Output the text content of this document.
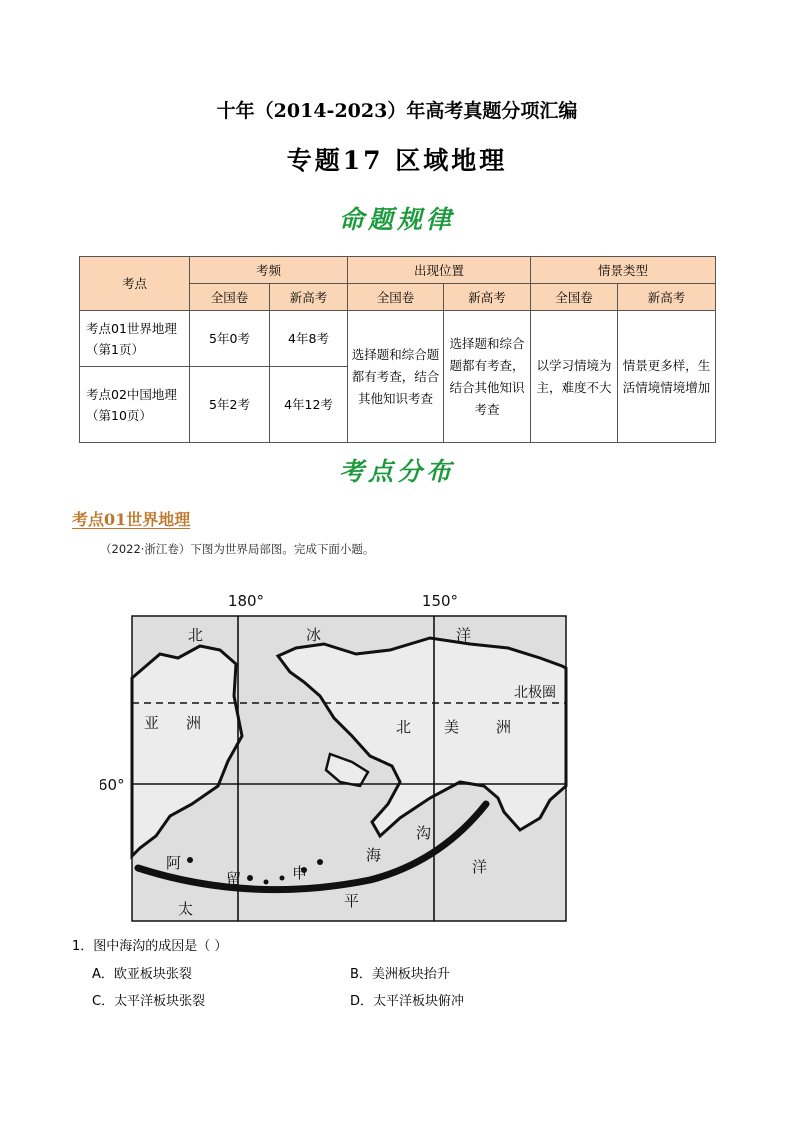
十年（2014-2023）年高考真题分项汇编
专题17 区域地理
命题规律
考点	考频		出现位置		情景类型	
	全国卷	新高考	全国卷	新高考	全国卷	新高考
考点01世界地理（第1页）	5年0考	4年8考	选择题和综合题都有考查，结合其他知识考查	选择题和综合题都有考查，结合其他知识考查	以学习情境为主，难度不大	情景更多样，生活情境情境增加
考点02中国地理（第10页）	5年2考	4年12考				
考点分布
考点01世界地理
（2022·浙江卷）下图为世界局部图。完成下面小题。
180°	150°
60°
北极圈
北	冰	洋
亚 洲	北 美 洲
阿
留	申
海
沟
太	平
洋
1．图中海沟的成因是（ ）
A．欧亚板块张裂	B．美洲板块抬升
C．太平洋板块张裂	D．太平洋板块俯冲
